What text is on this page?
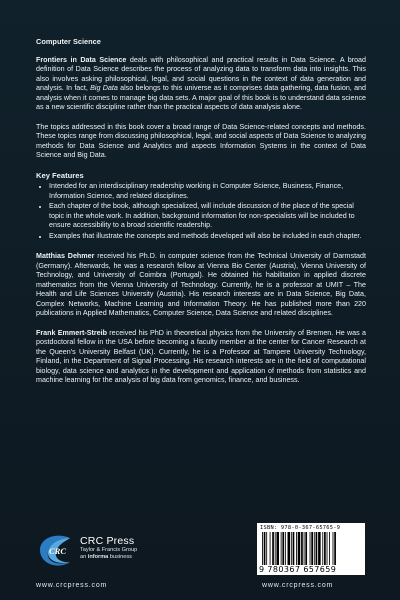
Computer Science

Frontiers in Data Science deals with philosophical and practical results in Data Science. A broad definition of Data Science describes the process of analyzing data to transform data into insights. This also involves asking philosophical, legal, and social questions in the context of data generation and analysis. In fact, Big Data also belongs to this universe as it comprises data gathering, data fusion, and analysis when it comes to manage big data sets. A major goal of this book is to understand data science as a new scientific discipline rather than the practical aspects of data analysis alone.

The topics addressed in this book cover a broad range of Data Science-related concepts and methods. These topics range from discussing philosophical, legal, and social aspects of Data Science to analyzing methods for Data Science and Analytics and aspects Information Systems in the context of Data Science and Big Data.

Key Features
• Intended for an interdisciplinary readership working in Computer Science, Business, Finance, Information Science, and related disciplines.
• Each chapter of the book, although specialized, will include discussion of the place of the special topic in the whole work. In addition, background information for non-specialists will be included to ensure accessibility to a broad scientific readership.
• Examples that illustrate the concepts and methods developed will also be included in each chapter.

Matthias Dehmer received his Ph.D. in computer science from the Technical University of Darmstadt (Germany). Afterwards, he was a research fellow at Vienna Bio Center (Austria), Vienna University of Technology, and University of Coimbra (Portugal). He obtained his habilitation in applied discrete mathematics from the Vienna University of Technology. Currently, he is a professor at UMIT – The Health and Life Sciences University (Austria). His research interests are in Data Science, Big Data, Complex Networks, Machine Learning and Information Theory. He has published more than 220 publications in Applied Mathematics, Computer Science, Data Science and related disciplines.

Frank Emmert-Streib received his PhD in theoretical physics from the University of Bremen. He was a postdoctoral fellow in the USA before becoming a faculty member at the center for Cancer Research at the Queen's University Belfast (UK). Currently, he is a Professor at Tampere University Technology, Finland, in the Department of Signal Processing. His research interests are in the field of computational biology, data science and analytics in the development and application of methods from statistics and machine learning for the analysis of big data from genomics, finance, and business.

CRC
CRC Press
Taylor & Francis Group
an informa business
www.crcpress.com
ISBN: 978-0-367-65765-9
9 780367 657659
www.crcpress.com
